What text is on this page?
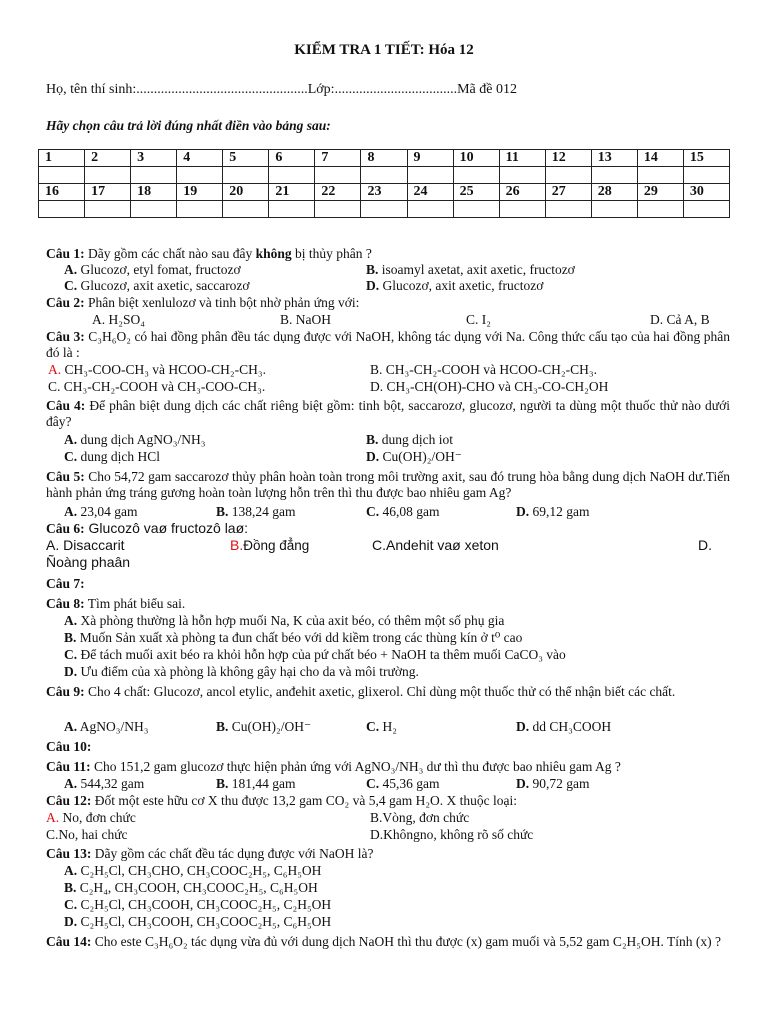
KIỂM TRA 1 TIẾT: Hóa 12
Họ, tên thí sinh:.................................................Lớp:...................................Mã đề 012
Hãy chọn câu trả lời đúng nhất điền vào bảng sau:
1	2	3	4	5	6	7	8	9	10	11	12	13	14	15

16	17	18	19	20	21	22	23	24	25	26	27	28	29	30

Câu 1: Dãy gồm các chất nào sau đây không bị thủy phân ?
A. Glucozơ, etyl fomat, fructozơ	B. isoamyl axetat, axit axetic, fructozơ
C. Glucozơ, axit axetic, saccarozơ	D. Glucozơ, axit axetic, fructozơ
Câu 2: Phân biệt xenlulozơ và tinh bột nhờ phản ứng với:
A. H₂SO₄	B. NaOH	C. I₂	D. Cả A, B
Câu 3: C₃H₆O₂ có hai đồng phân đều tác dụng được với NaOH, không tác dụng với Na. Công thức cấu tạo của hai đồng phân đó là :
A. CH₃-COO-CH₃ và HCOO-CH₂-CH₃.	B. CH₃-CH₂-COOH và HCOO-CH₂-CH₃.
C. CH₃-CH₂-COOH và CH₃-COO-CH₃.	D. CH₃-CH(OH)-CHO và CH₃-CO-CH₂OH
Câu 4: Để phân biệt dung dịch các chất riêng biệt gồm: tinh bột, saccarozơ, glucozơ, người ta dùng một thuốc thử nào dưới đây?
A. dung dịch AgNO₃/NH₃	B. dung dịch iot
C. dung dịch HCl	D. Cu(OH)₂/OH⁻
Câu 5: Cho 54,72 gam saccarozơ thủy phân hoàn toàn trong môi trường axit, sau đó trung hòa bằng dung dịch NaOH dư.Tiến hành phản ứng tráng gương hoàn toàn lượng hỗn trên thì thu được bao nhiêu gam Ag?
A. 23,04 gam	B. 138,24 gam	C. 46,08 gam	D. 69,12 gam
Câu 6: Glucozô vaø fructozô laø:
A. Disaccarit	B.Đồng đẳng	C.Andehit vaø xeton	D.
Ñoàng phaân
Câu 7:
Câu 8: Tìm phát biểu sai.
A. Xà phòng thường là hỗn hợp muối Na, K của axit béo, có thêm một số phụ gia
B. Muốn Sản xuất xà phòng ta đun chất béo với dd kiềm trong các thùng kín ở t⁰ cao
C. Để tách muối axit béo ra khỏi hỗn hợp của pứ chất béo + NaOH ta thêm muối CaCO₃ vào
D. Ưu điểm của xà phòng là không gây hại cho da và môi trường.
Câu 9: Cho 4 chất: Glucozơ, ancol etylic, anđehit axetic, glixerol. Chỉ dùng một thuốc thử có thể nhận biết các chất.
A. AgNO₃/NH₃	B. Cu(OH)₂/OH⁻	C. H₂	D. dd CH₃COOH
Câu 10:
Câu 11: Cho 151,2 gam glucozơ thực hiện phản ứng với AgNO₃/NH₃ dư thì thu được bao nhiêu gam Ag ?
A. 544,32 gam	B. 181,44 gam	C. 45,36 gam	D. 90,72 gam
Câu 12: Đốt một este hữu cơ X thu được 13,2 gam CO₂ và 5,4 gam H₂O. X thuộc loại:
A. No, đơn chức	B.Vòng, đơn chức
C.No, hai chức	D.Khôngno, không rõ số chức
Câu 13: Dãy gồm các chất đều tác dụng được với NaOH là?
A. C₂H₅Cl, CH₃CHO, CH₃COOC₂H₅, C₆H₅OH
B. C₂H₄, CH₃COOH, CH₃COOC₂H₅, C₆H₅OH
C. C₂H₅Cl, CH₃COOH, CH₃COOC₂H₅, C₂H₅OH
D. C₂H₅Cl, CH₃COOH, CH₃COOC₂H₅, C₆H₅OH
Câu 14: Cho este C₃H₆O₂ tác dụng vừa đủ với dung dịch NaOH thì thu được (x) gam muối và 5,52 gam C₂H₅OH. Tính (x) ?
